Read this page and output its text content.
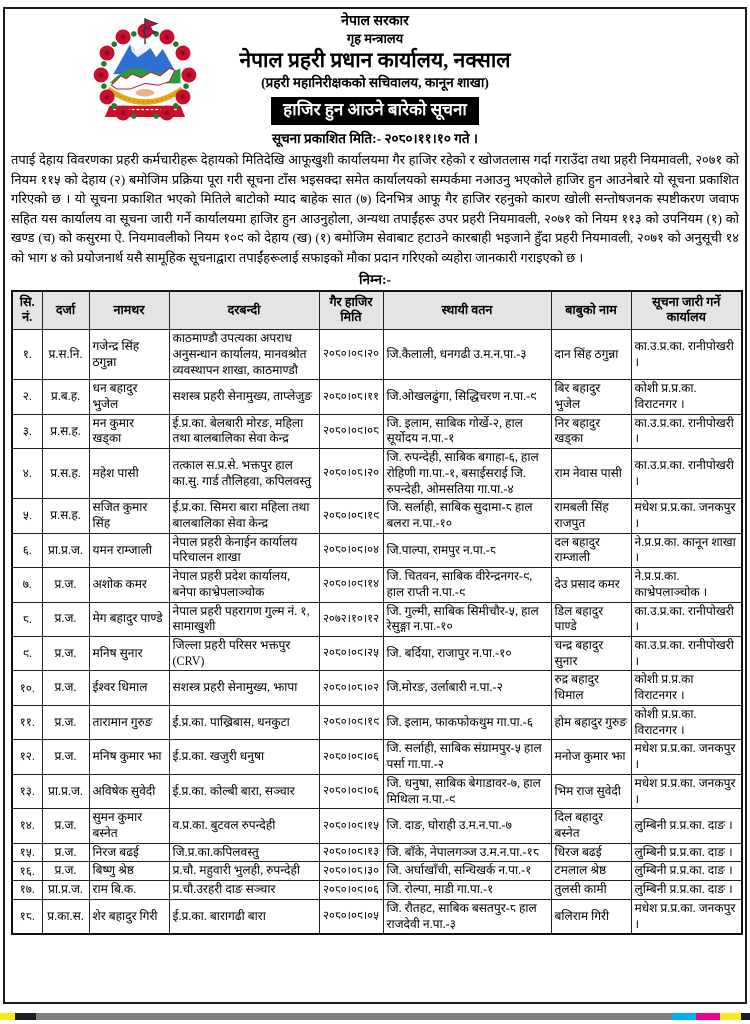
नेपाल सरकार
गृह मन्त्रालय
नेपाल प्रहरी प्रधान कार्यालय, नक्साल
(प्रहरी महानिरीक्षकको सचिवालय, कानून शाखा)
हाजिर हुन आउने बारेको सूचना
सूचना प्रकाशित मिति:- २०८०।११।१० गते ।
तपाई देहाय विवरणका प्रहरी कर्मचारीहरू देहायको मितिदेखि आफूखुशी कार्यालयमा गैर हाजिर रहेको र खोजतलास गर्दा गराउँदा तथा प्रहरी नियमावली, २०७१ को नियम ११५ को देहाय (२) बमोजिम प्रक्रिया पूरा गरी सूचना टाँस भइसक्दा समेत कार्यालयको सम्पर्कमा नआउनु भएकोले हाजिर हुन आउनेबारे यो सूचना प्रकाशित गरिएको छ । यो सूचना प्रकाशित भएको मितिले बाटोको म्याद बाहेक सात (७) दिनभित्र आफू गैर हाजिर रहनुको कारण खोली सन्तोषजनक स्पष्टीकरण जवाफ सहित यस कार्यालय वा सूचना जारी गर्ने कार्यालयमा हाजिर हुन आउनुहोला, अन्यथा तपाईंहरू उपर प्रहरी नियमावली, २०७१ को नियम ११३ को उपनियम (१) को खण्ड (च) को कसुरमा ऐ. नियमावलीको नियम १०९ को देहाय (ख) (१) बमोजिम सेवाबाट हटाउने कारबाही भइजाने हुँदा प्रहरी नियमावली, २०७१ को अनुसूची १४ को भाग ४ को प्रयोजनार्थ यसै सामूहिक सूचनाद्वारा तपाईंहरूलाई सफाइको मौका प्रदान गरिएको व्यहोरा जानकारी गराइएको छ ।
निम्न:-
सि. नं.	दर्जा	नामथर	दरबन्दी	गैर हाजिर मिति	स्थायी वतन	बाबुको नाम	सूचना जारी गर्ने कार्यालय
१.	प्र.स.नि.	गजेन्द्र सिंह ठगुन्ना	काठमाण्डौ उपत्यका अपराध अनुसन्धान कार्यालय, मानवश्रोत व्यवस्थापन शाखा, काठमाण्डौ	२०८०।०९।२०	जि.कैलाली, धनगढी उ.म.न.पा.-३	दान सिंह ठगुन्ना	का.उ.प्र.का. रानीपोखरी ।
२.	प्र.ब.ह.	धन बहादुर भुजेल	सशस्त्र प्रहरी सेनामुख्य, ताप्लेजुङ	२०८०।०८।११	जि.ओखलढुंगा, सिद्धिचरण न.पा.-९	बिर बहादुर भुजेल	कोशी प्र.प्र.का. विराटनगर ।
३.	प्र.स.ह.	मन कुमार खड्का	ई.प्र.का. बेलबारी मोरङ, महिला तथा बालबालिका सेवा केन्द्र	२०८०।०९।०८	जि. इलाम, साबिक गोर्खे-२, हाल सूर्योदय न.पा.-१	निर बहादुर खड्का	का.उ.प्र.का. रानीपोखरी ।
४.	प्र.स.ह.	महेश पासी	तत्काल स.प्र.से. भक्तपुर हाल का.सु. गार्ड तौलिहवा, कपिलवस्तु	२०८०।०८।२०	जि. रुपन्देही, साबिक बगाहा-६, हाल रोहिणी गा.पा.-१, बसाईसराई जि. रुपन्देही, ओमसतिया गा.पा.-४	राम नेवास पासी	का.उ.प्र.का. रानीपोखरी ।
५.	प्र.स.ह.	सजित कुमार सिंह	ई.प्र.का. सिमरा बारा महिला तथा बालबालिका सेवा केन्द्र	२०८०।०९।१९	जि. सर्लाही, साबिक सुदामा-८ हाल बलरा न.पा.-१०	रामबली सिंह राजपुत	मधेश प्र.प्र.का. जनकपुर ।
६.	प्रा.प्र.ज.	यमन राम्जाली	नेपाल प्रहरी केनाईन कार्यालय परिचालन शाखा	२०८०।०९।०४	जि.पाल्पा, रामपुर न.पा.-८	दल बहादुर राम्जाली	ने.प्र.प्र.का. कानून शाखा ।
७.	प्र.ज.	अशोक कमर	नेपाल प्रहरी प्रदेश कार्यालय, बनेपा काभ्रेपलाञ्चोक	२०८०।०९।१४	जि. चितवन, साबिक वीरेन्द्रनगर-९, हाल राप्ती न.पा.-९	देउ प्रसाद कमर	ने.प्र.प्र.का. काभ्रेपलाञ्चोक ।
८.	प्र.ज.	मेग बहादुर पाण्डे	नेपाल प्रहरी पहरागण गुल्म नं. १, सामाखुशी	२०७२।१०।१२	जि. गुल्मी, साबिक सिमीचौर-५, हाल रेसुङ्गा न.पा.-१०	डिल बहादुर पाण्डे	का.उ.प्र.का. रानीपोखरी ।
९.	प्र.ज.	मनिष सुनार	जिल्ला प्रहरी परिसर भक्तपुर (CRV)	२०८०।०९।२५	जि. बर्दिया, राजापुर न.पा.-१०	चन्द्र बहादुर सुनार	का.उ.प्र.का. रानीपोखरी ।
१०.	प्र.ज.	ईश्वर धिमाल	सशस्त्र प्रहरी सेनामुख्य, झापा	२०८०।०८।०२	जि.मोरङ, उर्लाबारी न.पा.-२	रुद्र बहादुर धिमाल	कोशी प्र.प्र.का विराटनगर ।
११.	प्र.ज.	तारामान गुरुङ	ई.प्र.का. पाख्रिबास, धनकुटा	२०८०।०९।१९	जि. इलाम, फाकफोकथुम गा.पा.-६	होम बहादुर गुरुङ	कोशी प्र.प्र.का. विराटनगर ।
१२.	प्र.ज.	मनिष कुमार झा	ई.प्र.का. खजुरी धनुषा	२०८०।०९।०६	जि. सर्लाही, साबिक संग्रामपुर-५ हाल पर्सा गा.पा.-२	मनोज कुमार झा	मधेश प्र.प्र.का. जनकपुर ।
१३.	प्रा.प्र.ज.	अविषेक सुवेदी	ई.प्र.का. कोल्बी बारा, सञ्चार	२०८०।०९।०६	जि. धनुषा, साबिक बेगाडावर-७, हाल मिथिला न.पा.-९	भिम राज सुवेदी	मधेश प्र.प्र.का. जनकपुर ।
१४.	प्र.ज.	सुमन कुमार बस्नेत	व.प्र.का. बुटवल रुपन्देही	२०८०।०९।१५	जि. दाङ, घोराही उ.म.न.पा.-७	दिल बहादुर बस्नेत	लुम्बिनी प्र.प्र.का. दाङ ।
१५.	प्र.ज.	निरज बढई	जि.प्र.का.कपिलवस्तु	२०८०।०९।१३	जि. बाँके, नेपालगञ्ज उ.म.न.पा.-१८	धिरज बढई	लुम्बिनी प्र.प्र.का. दाङ ।
१६.	प्र.ज.	बिष्णु श्रेष्ठ	प्र.चौ. महुवारी भुलही, रुपन्देही	२०८०।०८।३०	जि. अर्घाखाँची, सन्धिखर्क न.पा.-१	टमलाल श्रेष्ठ	लुम्बिनी प्र.प्र.का. दाङ ।
१७.	प्रा.प्र.ज.	राम बि.क.	प्र.चौ.उरहरी दाङ सञ्चार	२०८०।०९।०६	जि. रोल्पा, माडी गा.पा.-१	तुलसी कामी	लुम्बिनी प्र.प्र.का. दाङ ।
१८.	प्र.का.स.	शेर बहादुर गिरी	ई.प्र.का. बारागढी बारा	२०८०।०९।०५	जि. रौतहट, साबिक बसतपुर-८ हाल राजदेवी न.पा.-३	बलिराम गिरी	मधेश प्र.प्र.का. जनकपुर ।
